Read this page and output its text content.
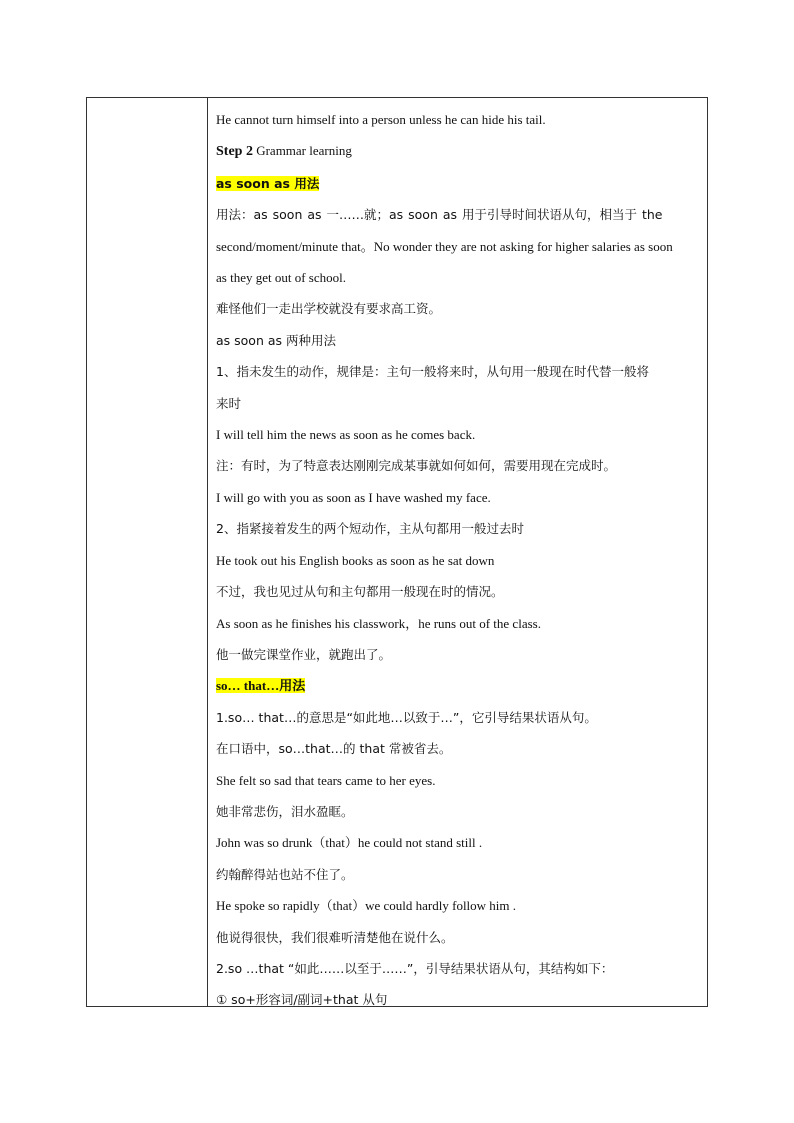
He cannot turn himself into a person unless he can hide his tail.
Step 2 Grammar learning
as soon as 用法
用法：as soon as 一……就；as soon as 用于引导时间状语从句，相当于 the
second/moment/minute that。No wonder they are not asking for higher salaries as soon
as they get out of school.
难怪他们一走出学校就没有要求高工资。
as soon as 两种用法
1、指未发生的动作，规律是：主句一般将来时，从句用一般现在时代替一般将
来时
I will tell him the news as soon as he comes back.
注：有时，为了特意表达刚刚完成某事就如何如何，需要用现在完成时。
I will go with you as soon as I have washed my face.
2、指紧接着发生的两个短动作，主从句都用一般过去时
He took out his English books as soon as he sat down
不过，我也见过从句和主句都用一般现在时的情况。
As soon as he finishes his classwork，he runs out of the class.
他一做完课堂作业，就跑出了。
so… that…用法
1.so… that…的意思是“如此地…以致于…”，它引导结果状语从句。
在口语中，so…that…的 that 常被省去。
She felt so sad that tears came to her eyes.
她非常悲伤，泪水盈眶。
John was so drunk（that）he could not stand still .
约翰醉得站也站不住了。
He spoke so rapidly（that）we could hardly follow him .
他说得很快，我们很难听清楚他在说什么。
2.so …that “如此……以至于……”，引导结果状语从句，其结构如下：
① so+形容词/副词+that 从句
